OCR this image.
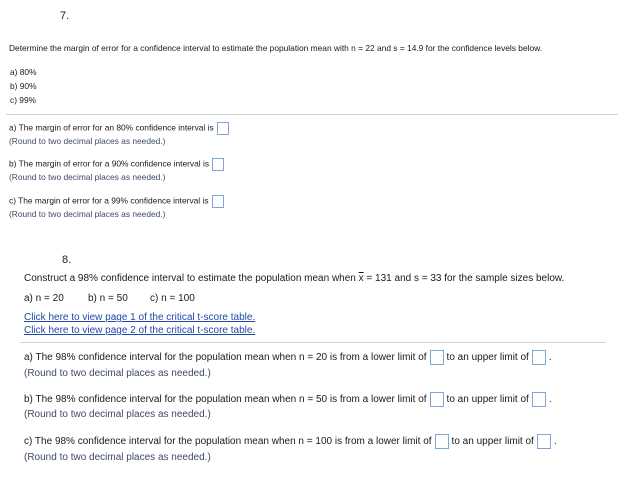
7.
Determine the margin of error for a confidence interval to estimate the population mean with n = 22 and s = 14.9 for the confidence levels below.
a) 80%
b) 90%
c) 99%
a) The margin of error for an 80% confidence interval is
(Round to two decimal places as needed.)
b) The margin of error for a 90% confidence interval is
(Round to two decimal places as needed.)
c) The margin of error for a 99% confidence interval is
(Round to two decimal places as needed.)
8.
Construct a 98% confidence interval to estimate the population mean when $\overline{x} = 131$ and s = 33 for the sample sizes below.
a) n = 20 b) n = 50 c) n = 100
Click here to view page 1 of the critical t-score table.
Click here to view page 2 of the critical t-score table.
a) The 98% confidence interval for the population mean when n = 20 is from a lower limit of to an upper limit of .
(Round to two decimal places as needed.)
b) The 98% confidence interval for the population mean when n = 50 is from a lower limit of to an upper limit of .
(Round to two decimal places as needed.)
c) The 98% confidence interval for the population mean when n = 100 is from a lower limit of to an upper limit of .
(Round to two decimal places as needed.)
